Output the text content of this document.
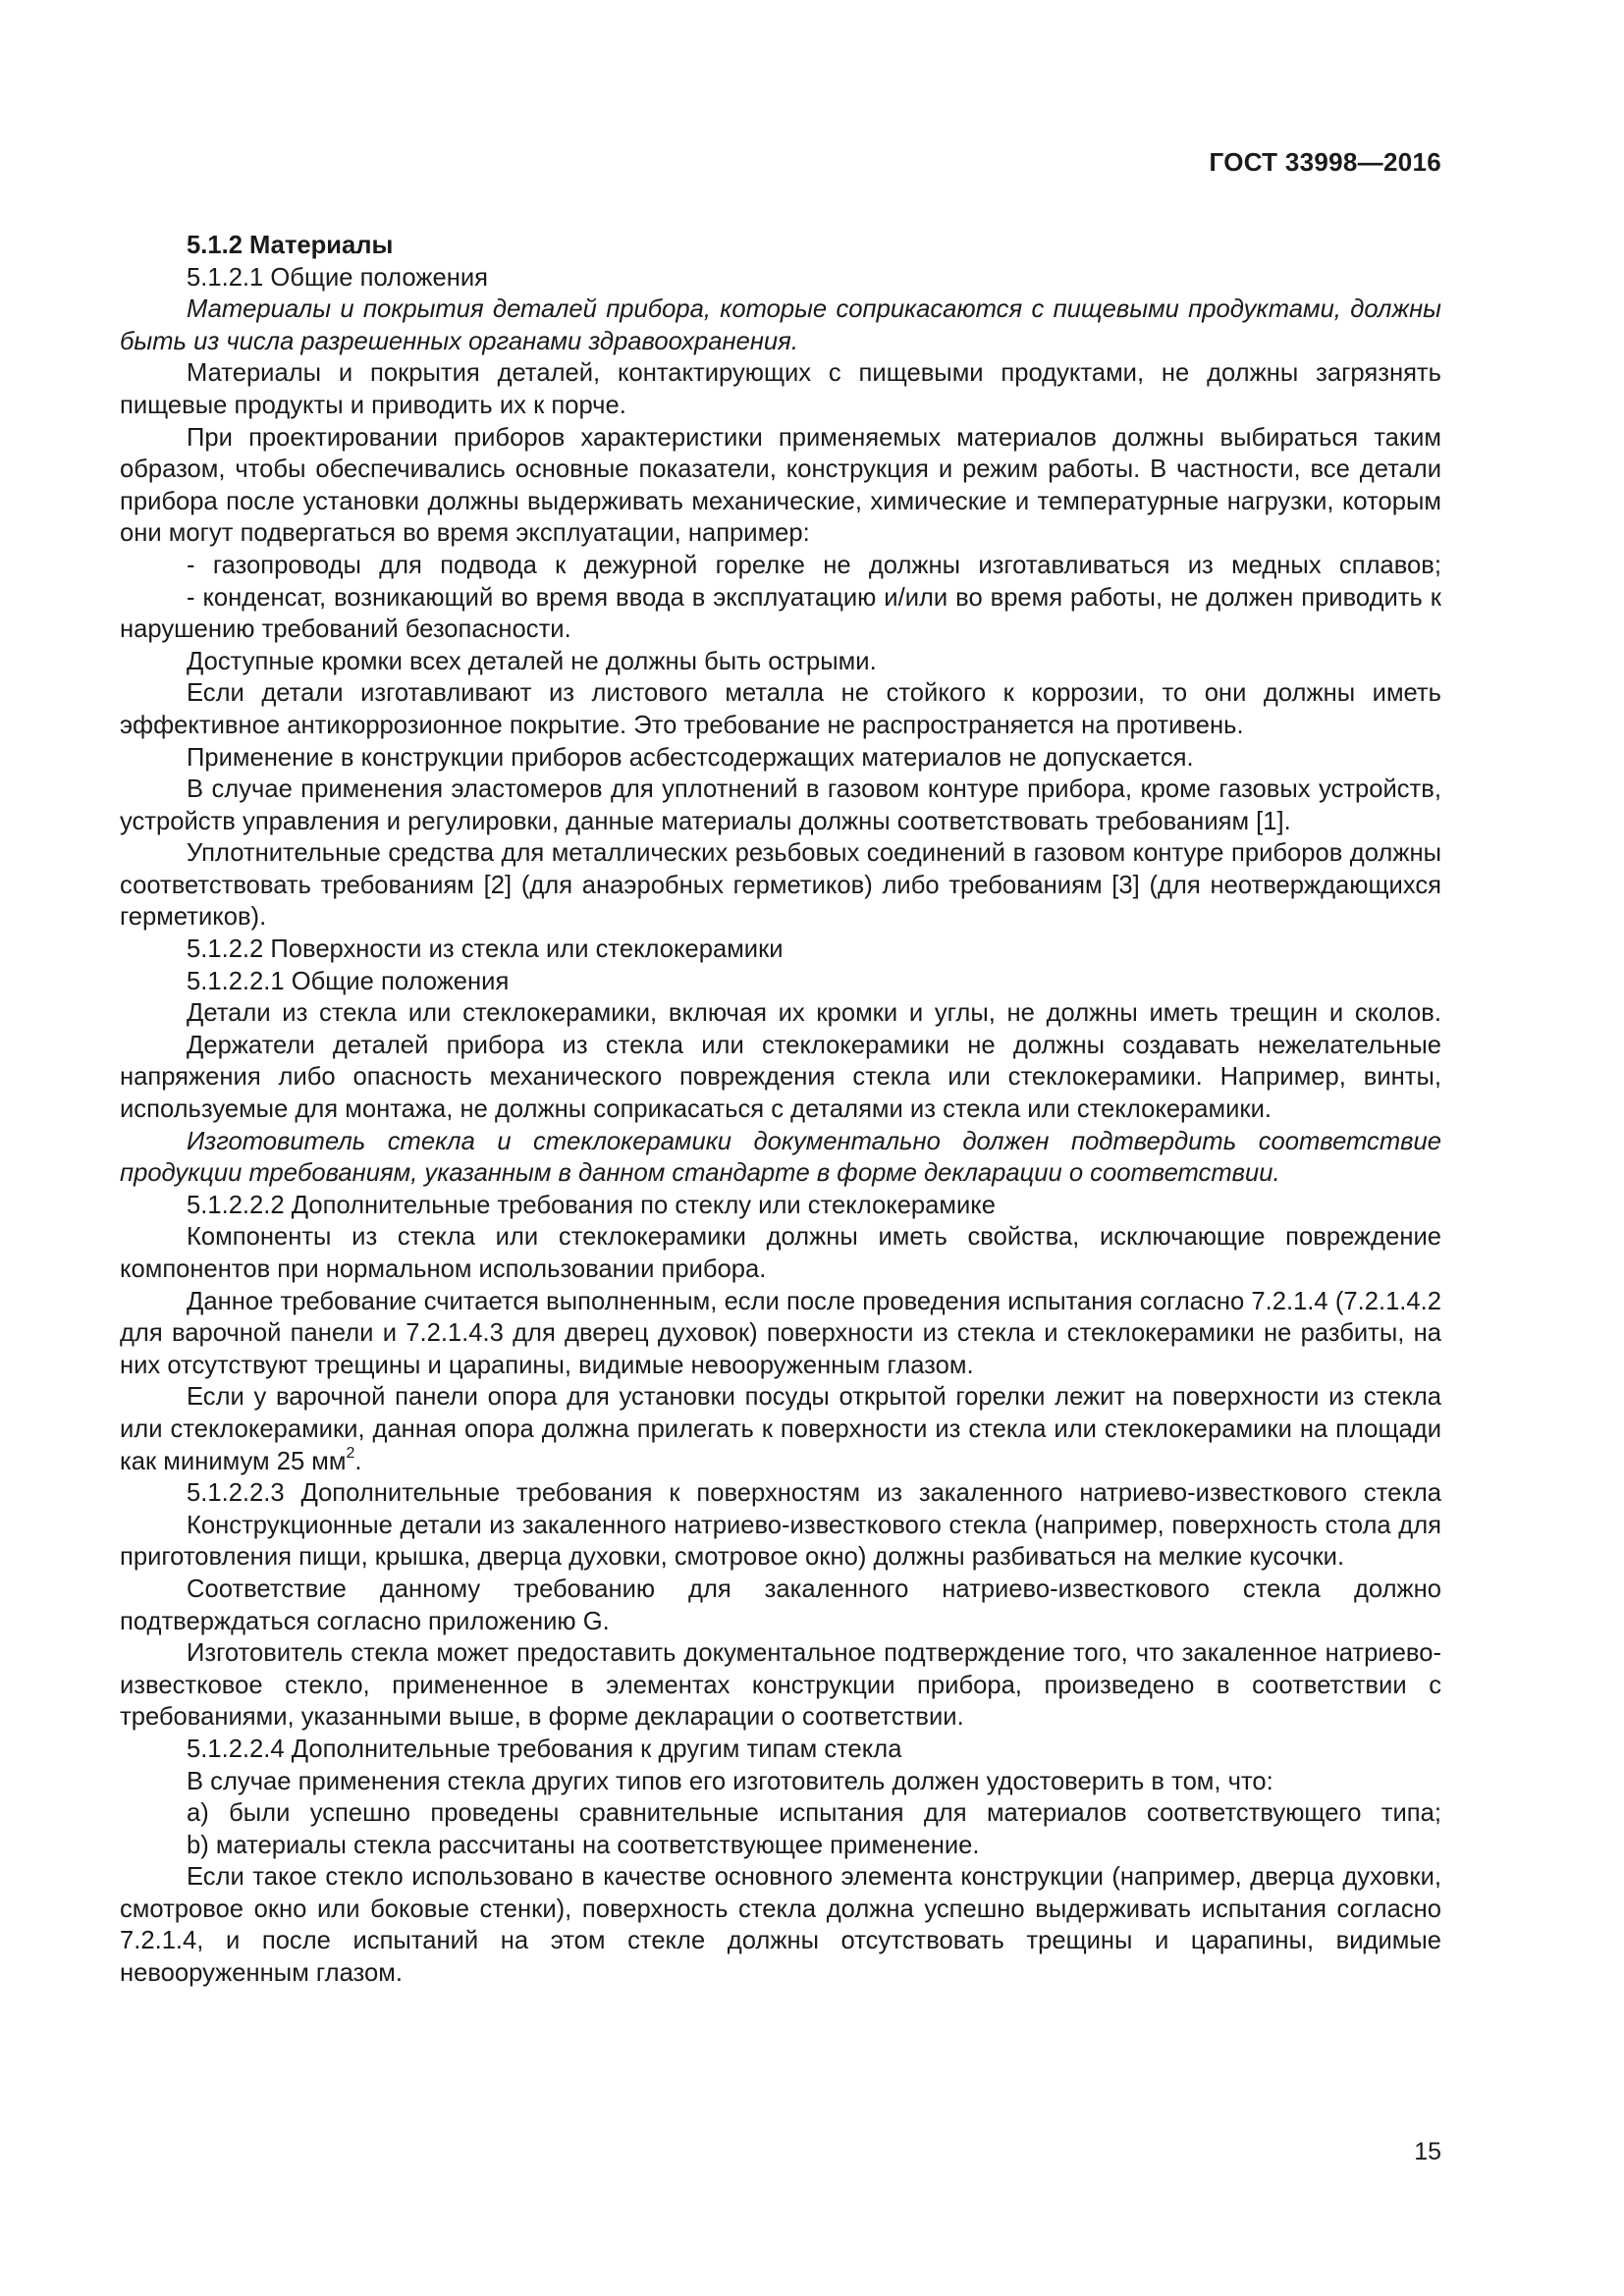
ГОСТ 33998—2016

5.1.2 Материалы

5.1.2.1 Общие положения

Материалы и покрытия деталей прибора, которые соприкасаются с пищевыми продуктами, должны быть из числа разрешенных органами здравоохранения.

Материалы и покрытия деталей, контактирующих с пищевыми продуктами, не должны загрязнять пищевые продукты и приводить их к порче.

При проектировании приборов характеристики применяемых материалов должны выбираться таким образом, чтобы обеспечивались основные показатели, конструкция и режим работы. В частности, все детали прибора после установки должны выдерживать механические, химические и температурные нагрузки, которым они могут подвергаться во время эксплуатации, например:

- газопроводы для подвода к дежурной горелке не должны изготавливаться из медных сплавов;

- конденсат, возникающий во время ввода в эксплуатацию и/или во время работы, не должен приводить к нарушению требований безопасности.

Доступные кромки всех деталей не должны быть острыми.

Если детали изготавливают из листового металла не стойкого к коррозии, то они должны иметь эффективное антикоррозионное покрытие. Это требование не распространяется на противень.

Применение в конструкции приборов асбестсодержащих материалов не допускается.

В случае применения эластомеров для уплотнений в газовом контуре прибора, кроме газовых устройств, устройств управления и регулировки, данные материалы должны соответствовать требованиям [1].

Уплотнительные средства для металлических резьбовых соединений в газовом контуре приборов должны соответствовать требованиям [2] (для анаэробных герметиков) либо требованиям [3] (для неотверждающихся герметиков).

5.1.2.2 Поверхности из стекла или стеклокерамики

5.1.2.2.1 Общие положения

Детали из стекла или стеклокерамики, включая их кромки и углы, не должны иметь трещин и сколов.

Держатели деталей прибора из стекла или стеклокерамики не должны создавать нежелательные напряжения либо опасность механического повреждения стекла или стеклокерамики. Например, винты, используемые для монтажа, не должны соприкасаться с деталями из стекла или стеклокерамики.

Изготовитель стекла и стеклокерамики документально должен подтвердить соответствие продукции требованиям, указанным в данном стандарте в форме декларации о соответствии.

5.1.2.2.2 Дополнительные требования по стеклу или стеклокерамике

Компоненты из стекла или стеклокерамики должны иметь свойства, исключающие повреждение компонентов при нормальном использовании прибора.

Данное требование считается выполненным, если после проведения испытания согласно 7.2.1.4 (7.2.1.4.2 для варочной панели и 7.2.1.4.3 для дверец духовок) поверхности из стекла и стеклокерамики не разбиты, на них отсутствуют трещины и царапины, видимые невооруженным глазом.

Если у варочной панели опора для установки посуды открытой горелки лежит на поверхности из стекла или стеклокерамики, данная опора должна прилегать к поверхности из стекла или стеклокерамики на площади как минимум 25 $мм^2$.

5.1.2.2.3 Дополнительные требования к поверхностям из закаленного натриево-известкового стекла

Конструкционные детали из закаленного натриево-известкового стекла (например, поверхность стола для приготовления пищи, крышка, дверца духовки, смотровое окно) должны разбиваться на мелкие кусочки.

Соответствие данному требованию для закаленного натриево-известкового стекла должно подтверждаться согласно приложению G.

Изготовитель стекла может предоставить документальное подтверждение того, что закаленное натриево-известковое стекло, примененное в элементах конструкции прибора, произведено в соответствии с требованиями, указанными выше, в форме декларации о соответствии.

5.1.2.2.4 Дополнительные требования к другим типам стекла

В случае применения стекла других типов его изготовитель должен удостоверить в том, что:

a) были успешно проведены сравнительные испытания для материалов соответствующего типа;

b) материалы стекла рассчитаны на соответствующее применение.

Если такое стекло использовано в качестве основного элемента конструкции (например, дверца духовки, смотровое окно или боковые стенки), поверхность стекла должна успешно выдерживать испытания согласно 7.2.1.4, и после испытаний на этом стекле должны отсутствовать трещины и царапины, видимые невооруженным глазом.

15
